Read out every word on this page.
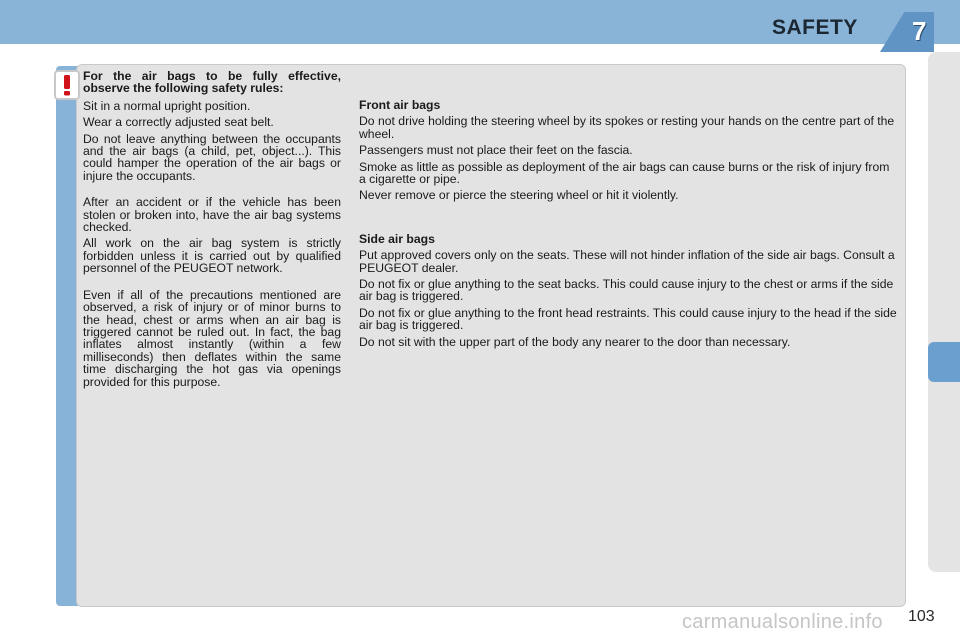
SAFETY 7

For the air bags to be fully effective, observe the following safety rules:

Sit in a normal upright position.

Wear a correctly adjusted seat belt.

Do not leave anything between the occupants and the air bags (a child, pet, object...). This could hamper the operation of the air bags or injure the occupants.

After an accident or if the vehicle has been stolen or broken into, have the air bag systems checked.

All work on the air bag system is strictly forbidden unless it is carried out by qualified personnel of the PEUGEOT network.

Even if all of the precautions mentioned are observed, a risk of injury or of minor burns to the head, chest or arms when an air bag is triggered cannot be ruled out. In fact, the bag inflates almost instantly (within a few milliseconds) then deflates within the same time discharging the hot gas via openings provided for this purpose.

Front air bags

Do not drive holding the steering wheel by its spokes or resting your hands on the centre part of the wheel.

Passengers must not place their feet on the fascia.

Smoke as little as possible as deployment of the air bags can cause burns or the risk of injury from a cigarette or pipe.

Never remove or pierce the steering wheel or hit it violently.

Side air bags

Put approved covers only on the seats. These will not hinder inflation of the side air bags. Consult a PEUGEOT dealer.

Do not fix or glue anything to the seat backs. This could cause injury to the chest or arms if the side air bag is triggered.

Do not fix or glue anything to the front head restraints. This could cause injury to the head if the side air bag is triggered.

Do not sit with the upper part of the body any nearer to the door than necessary.

carmanualsonline.info 103
